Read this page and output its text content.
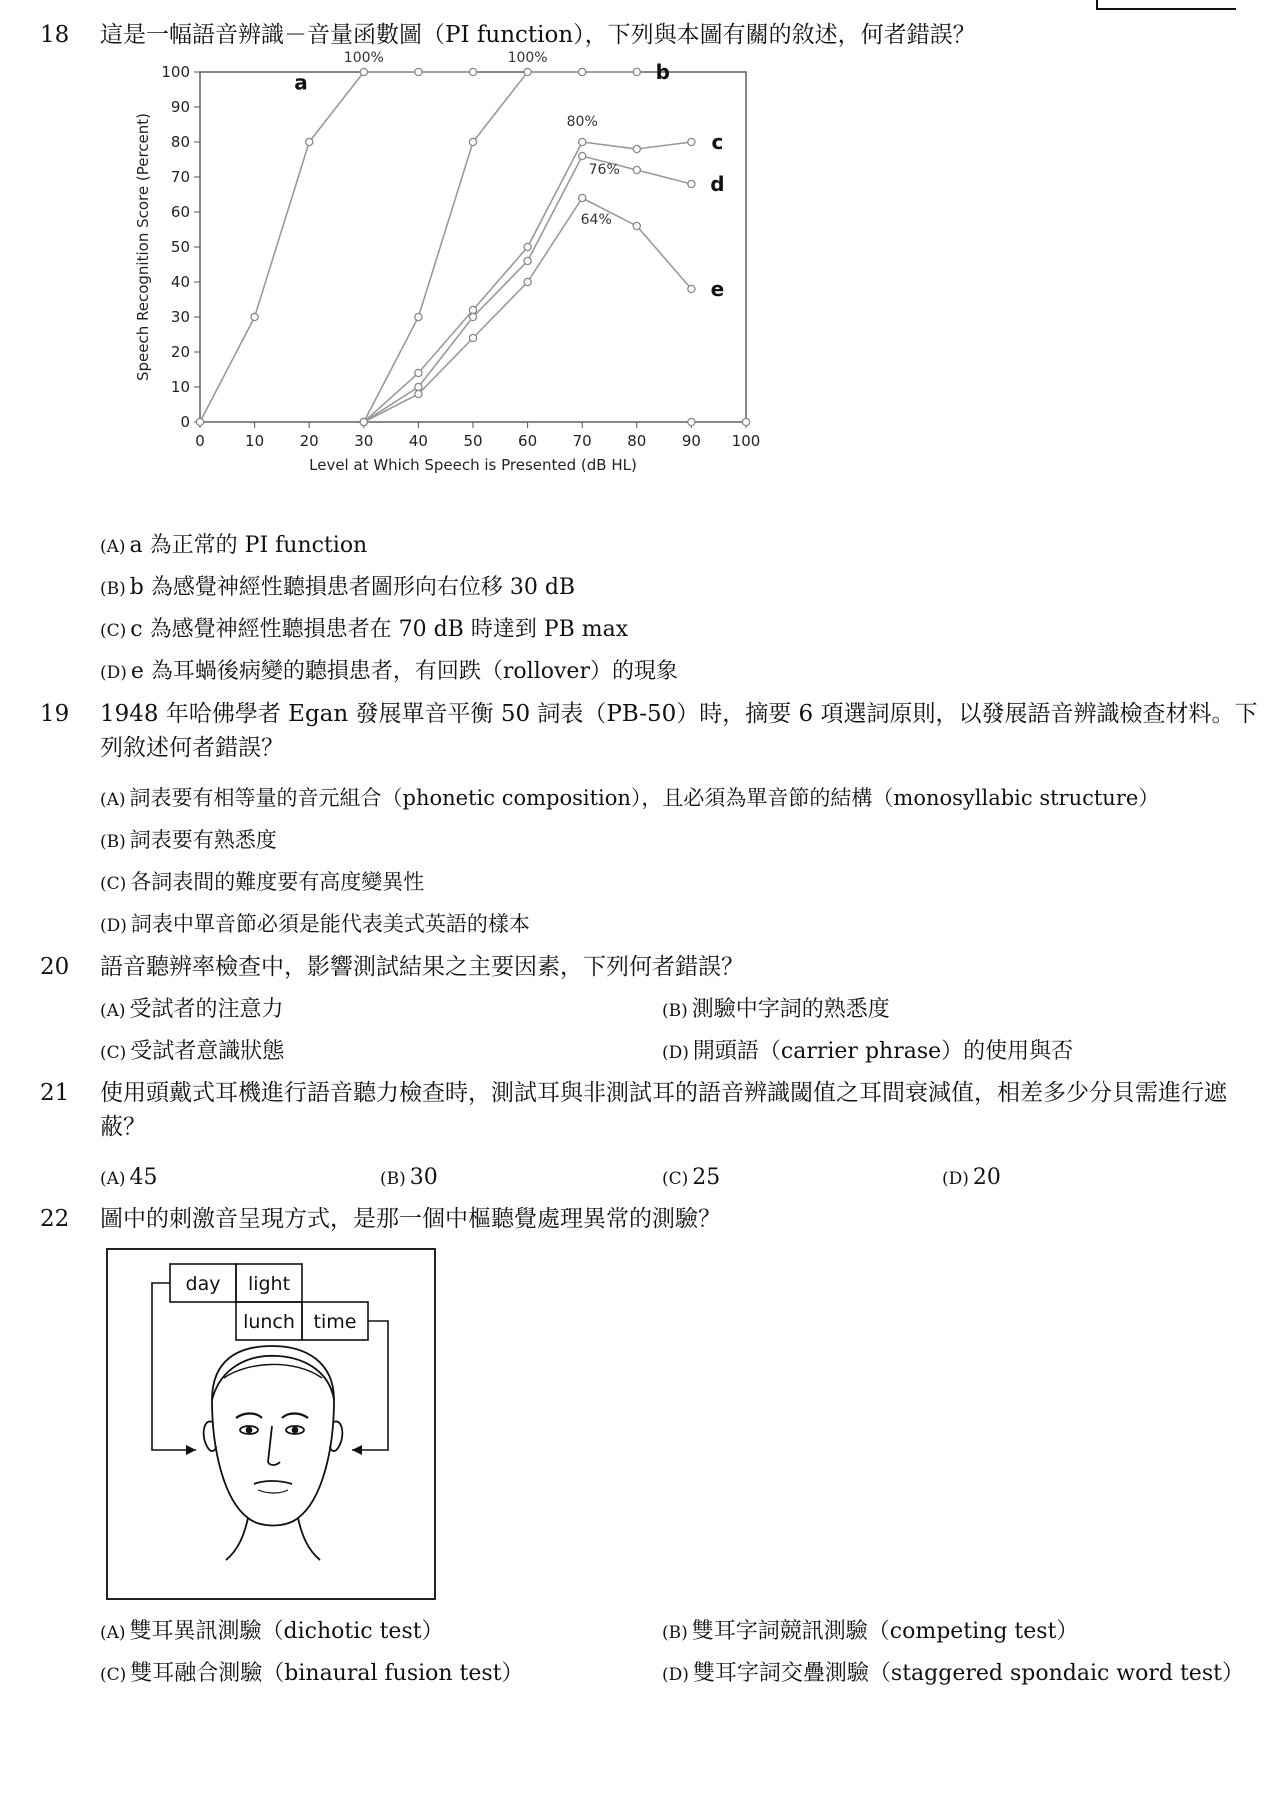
18	這是一幅語音辨識－音量函數圖（PI function），下列與本圖有關的敘述，何者錯誤？
0	10 20 30 40 50 60 70 80 90 100
0
10
20
30
40
50
60
70
80
90
100
Level at Which Speech is Presented (dB HL)
Speech Recognition Score (Percent)
a	b
c
d
e
100%	100%
80%
76%
64%
(A) a 為正常的 PI function
(B) b 為感覺神經性聽損患者圖形向右位移 30 dB
(C) c 為感覺神經性聽損患者在 70 dB 時達到 PB max
(D) e 為耳蝸後病變的聽損患者，有回跌（rollover）的現象
19	1948 年哈佛學者 Egan 發展單音平衡 50 詞表（PB-50）時，摘要 6 項選詞原則，以發展語音辨識檢查材料。下列敘述何者錯誤？
(A) 詞表要有相等量的音元組合（phonetic composition），且必須為單音節的結構（monosyllabic structure）
(B) 詞表要有熟悉度
(C) 各詞表間的難度要有高度變異性
(D) 詞表中單音節必須是能代表美式英語的樣本
20	語音聽辨率檢查中，影響測試結果之主要因素，下列何者錯誤？
(A) 受試者的注意力	(B) 測驗中字詞的熟悉度
(C) 受試者意識狀態	(D) 開頭語（carrier phrase）的使用與否
21	使用頭戴式耳機進行語音聽力檢查時，測試耳與非測試耳的語音辨識閾值之耳間衰減值，相差多少分貝需進行遮蔽？
(A) 45	(B) 30	(C) 25	(D) 20
22	圖中的刺激音呈現方式，是那一個中樞聽覺處理異常的測驗？
day light
lunch time
(A) 雙耳異訊測驗（dichotic test）	(B) 雙耳字詞競訊測驗（competing test）
(C) 雙耳融合測驗（binaural fusion test）	(D) 雙耳字詞交疊測驗（staggered spondaic word test）
